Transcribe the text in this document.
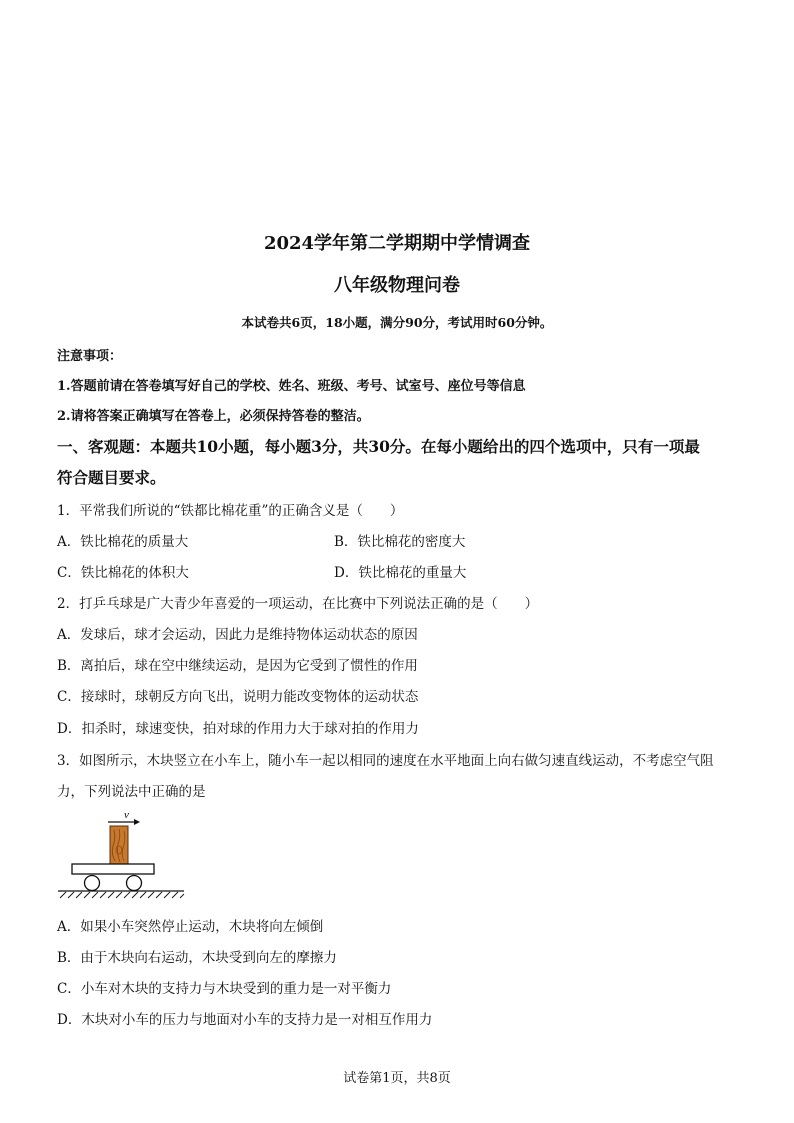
2024学年第二学期期中学情调查
八年级物理问卷
本试卷共6页，18小题，满分90分，考试用时60分钟。
注意事项：
1.答题前请在答卷填写好自己的学校、姓名、班级、考号、试室号、座位号等信息
2.请将答案正确填写在答卷上，必须保持答卷的整洁。
一、客观题：本题共10小题，每小题3分，共30分。在每小题给出的四个选项中，只有一项最
符合题目要求。
1．平常我们所说的“铁都比棉花重”的正确含义是（　　）
A．铁比棉花的质量大	B．铁比棉花的密度大
C．铁比棉花的体积大	D．铁比棉花的重量大
2．打乒乓球是广大青少年喜爱的一项运动，在比赛中下列说法正确的是（　　）
A．发球后，球才会运动，因此力是维持物体运动状态的原因
B．离拍后，球在空中继续运动，是因为它受到了惯性的作用
C．接球时，球朝反方向飞出，说明力能改变物体的运动状态
D．扣杀时，球速变快，拍对球的作用力大于球对拍的作用力
3．如图所示，木块竖立在小车上，随小车一起以相同的速度在水平地面上向右做匀速直线运动，不考虑空气阻
力，下列说法中正确的是
v
A．如果小车突然停止运动，木块将向左倾倒
B．由于木块向右运动，木块受到向左的摩擦力
C．小车对木块的支持力与木块受到的重力是一对平衡力
D．木块对小车的压力与地面对小车的支持力是一对相互作用力
试卷第1页，共8页
